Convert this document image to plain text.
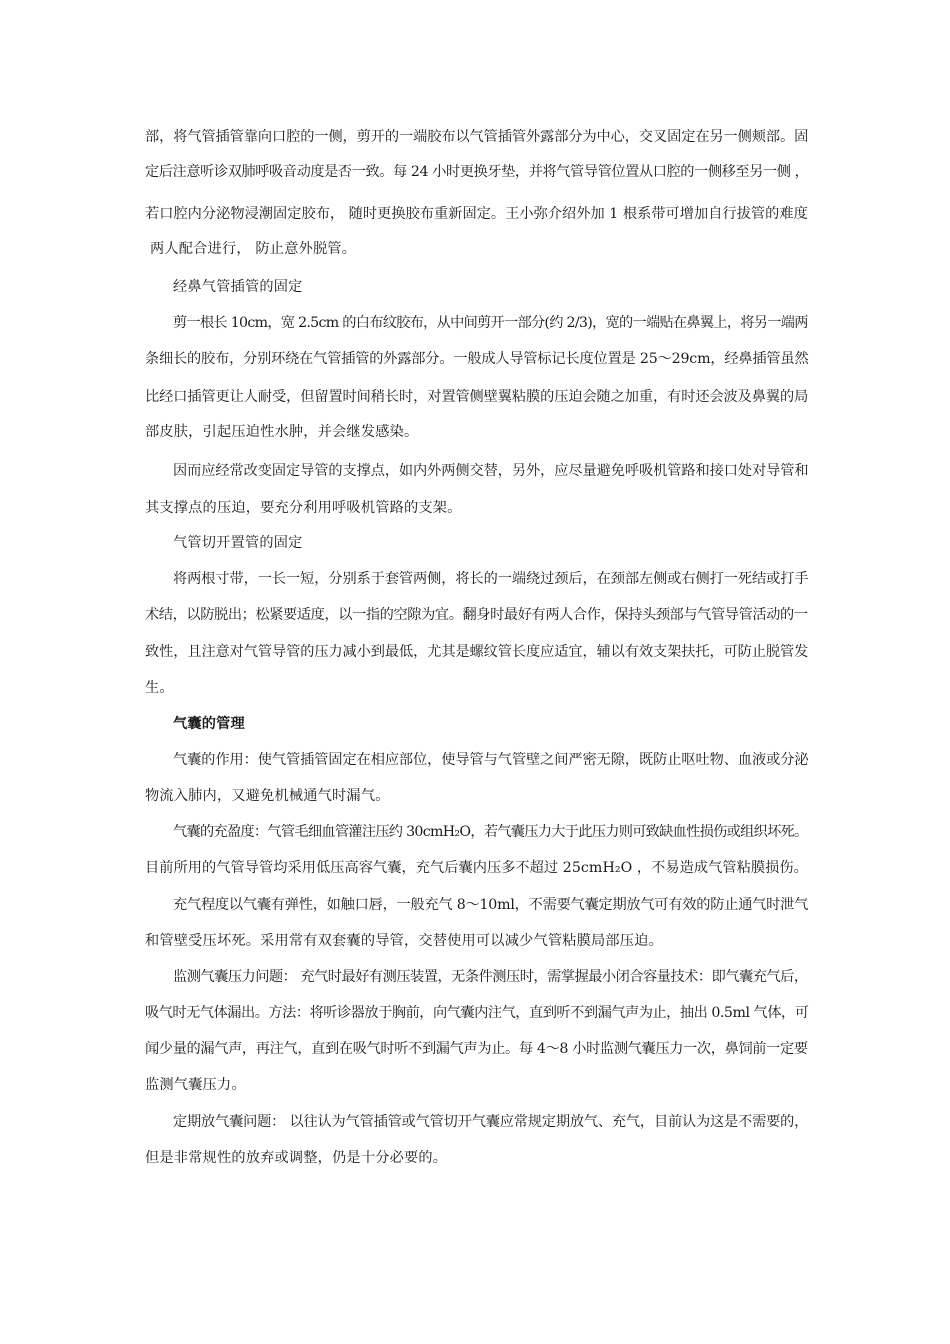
部，将气管插管靠向口腔的一侧，剪开的一端胶布以气管插管外露部分为中心，交叉固定在另一侧颊部。固
定后注意听诊双肺呼吸音动度是否一致。每 24 小时更换牙垫，并将气管导管位置从口腔的一侧移至另一侧 ，
若口腔内分泌物浸潮固定胶布， 随时更换胶布重新固定。王小弥介绍外加 1 根系带可增加自行拔管的难度
两人配合进行， 防止意外脱管。
经鼻气管插管的固定
剪一根长 10cm，宽 2.5cm 的白布纹胶布，从中间剪开一部分(约 2/3)，宽的一端贴在鼻翼上，将另一端两
条细长的胶布，分别环绕在气管插管的外露部分。一般成人导管标记长度位置是 25～29cm，经鼻插管虽然
比经口插管更让人耐受，但留置时间稍长时，对置管侧壁翼粘膜的压迫会随之加重，有时还会波及鼻翼的局
部皮肤，引起压迫性水肿，并会继发感染。
因而应经常改变固定导管的支撑点，如内外两侧交替，另外，应尽量避免呼吸机管路和接口处对导管和
其支撑点的压迫，要充分利用呼吸机管路的支架。
气管切开置管的固定
将两根寸带，一长一短，分别系于套管两侧，将长的一端绕过颈后，在颈部左侧或右侧打一死结或打手
术结，以防脱出；松紧要适度，以一指的空隙为宜。翻身时最好有两人合作，保持头颈部与气管导管活动的一
致性，且注意对气管导管的压力减小到最低，尤其是螺纹管长度应适宜，辅以有效支架扶托，可防止脱管发
生。
气囊的管理
气囊的作用：使气管插管固定在相应部位，使导管与气管壁之间严密无隙，既防止呕吐物、血液或分泌
物流入肺内，又避免机械通气时漏气。
气囊的充盈度：气管毛细血管灌注压约 30cmH₂O，若气囊压力大于此压力则可致缺血性损伤或组织坏死。
目前所用的气管导管均采用低压高容气囊，充气后囊内压多不超过 25cmH₂O ，不易造成气管粘膜损伤。
充气程度以气囊有弹性，如触口唇，一般充气 8～10ml，不需要气囊定期放气可有效的防止通气时泄气
和管壁受压坏死。采用常有双套囊的导管，交替使用可以减少气管粘膜局部压迫。
监测气囊压力问题： 充气时最好有测压装置，无条件测压时，需掌握最小闭合容量技术：即气囊充气后，
吸气时无气体漏出。方法：将听诊器放于胸前，向气囊内注气，直到听不到漏气声为止，抽出 0.5ml 气体，可
闻少量的漏气声，再注气，直到在吸气时听不到漏气声为止。每 4～8 小时监测气囊压力一次，鼻饲前一定要
监测气囊压力。
定期放气囊问题： 以往认为气管插管或气管切开气囊应常规定期放气、充气，目前认为这是不需要的，
但是非常规性的放弃或调整，仍是十分必要的。
